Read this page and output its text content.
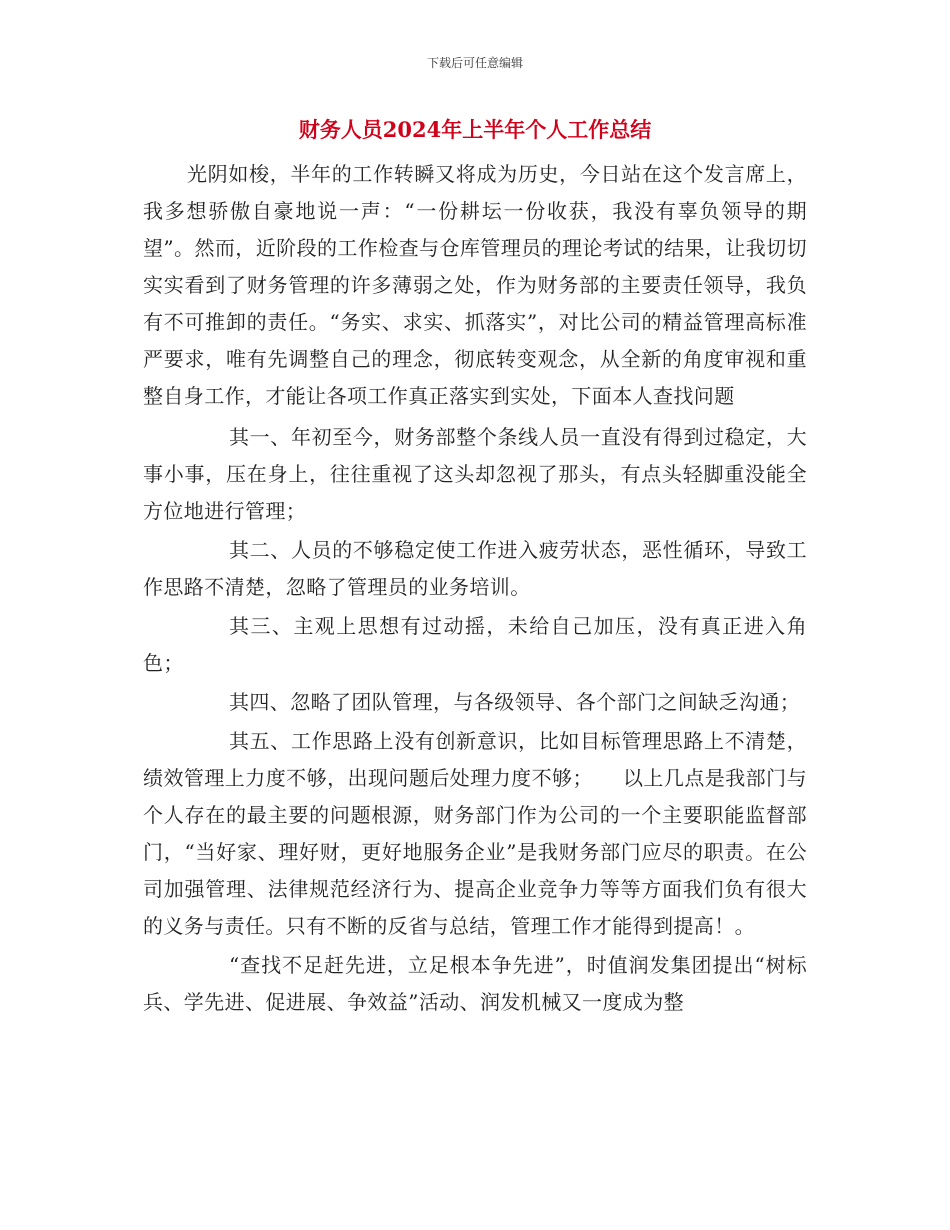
下载后可任意编辑
财务人员2024年上半年个人工作总结

光阴如梭，半年的工作转瞬又将成为历史，今日站在这个发言席上，我多想骄傲自豪地说一声：“一份耕坛一份收获，我没有辜负领导的期望”。然而，近阶段的工作检查与仓库管理员的理论考试的结果，让我切切实实看到了财务管理的许多薄弱之处，作为财务部的主要责任领导，我负有不可推卸的责任。“务实、求实、抓落实”，对比公司的精益管理高标准严要求，唯有先调整自己的理念，彻底转变观念，从全新的角度审视和重整自身工作，才能让各项工作真正落实到实处，下面本人查找问题

其一、年初至今，财务部整个条线人员一直没有得到过稳定，大事小事，压在身上，往往重视了这头却忽视了那头，有点头轻脚重没能全方位地进行管理；

其二、人员的不够稳定使工作进入疲劳状态，恶性循环，导致工作思路不清楚，忽略了管理员的业务培训。

其三、主观上思想有过动摇，未给自己加压，没有真正进入角色；

其四、忽略了团队管理，与各级领导、各个部门之间缺乏沟通；

其五、工作思路上没有创新意识，比如目标管理思路上不清楚，绩效管理上力度不够，出现问题后处理力度不够； 以上几点是我部门与个人存在的最主要的问题根源，财务部门作为公司的一个主要职能监督部门，“当好家、理好财，更好地服务企业”是我财务部门应尽的职责。在公司加强管理、法律规范经济行为、提高企业竞争力等等方面我们负有很大的义务与责任。只有不断的反省与总结，管理工作才能得到提高！。

“查找不足赶先进，立足根本争先进”，时值润发集团提出“树标兵、学先进、促进展、争效益”活动、润发机械又一度成为整
